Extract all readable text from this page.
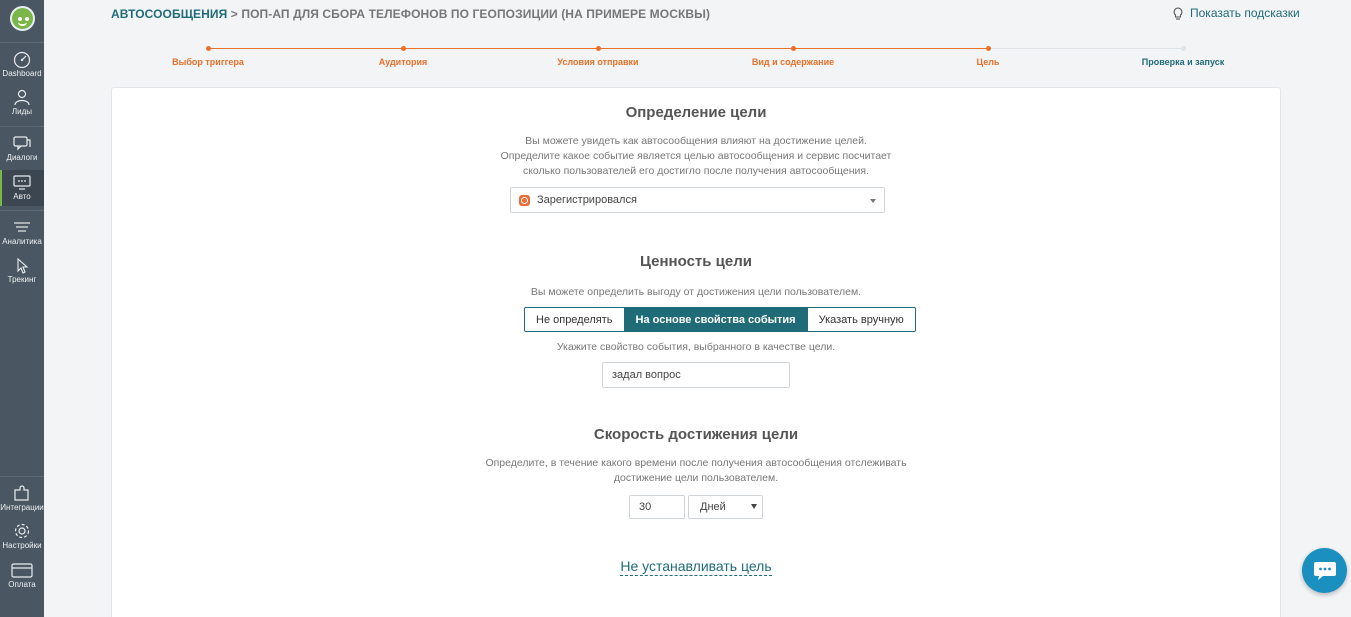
Dashboard
Лиды
Диалоги
Авто
Аналитика
Трекинг
Интеграции
Настройки
Оплата
АВТОСООБЩЕНИЯ > ПОП-АП ДЛЯ СБОРА ТЕЛЕФОНОВ ПО ГЕОПОЗИЦИИ (НА ПРИМЕРЕ МОСКВЫ)	Показать подсказки
Выбор триггера	Аудитория	Условия отправки	Вид и содержание	Цель	Проверка и запуск
Определение цели
Вы можете увидеть как автосообщения влияют на достижение целей.
Определите какое событие является целью автосообщения и сервис посчитает
сколько пользователей его достигло после получения автосообщения.
Зарегистрировался
Ценность цели
Вы можете определить выгоду от достижения цели пользователем.
Не определять	На основе свойства события	Указать вручную
Укажите свойство события, выбранного в качестве цели.
задал вопрос
Скорость достижения цели
Определите, в течение какого времени после получения автосообщения отслеживать
достижение цели пользователем.
30	Дней
Не устанавливать цель
